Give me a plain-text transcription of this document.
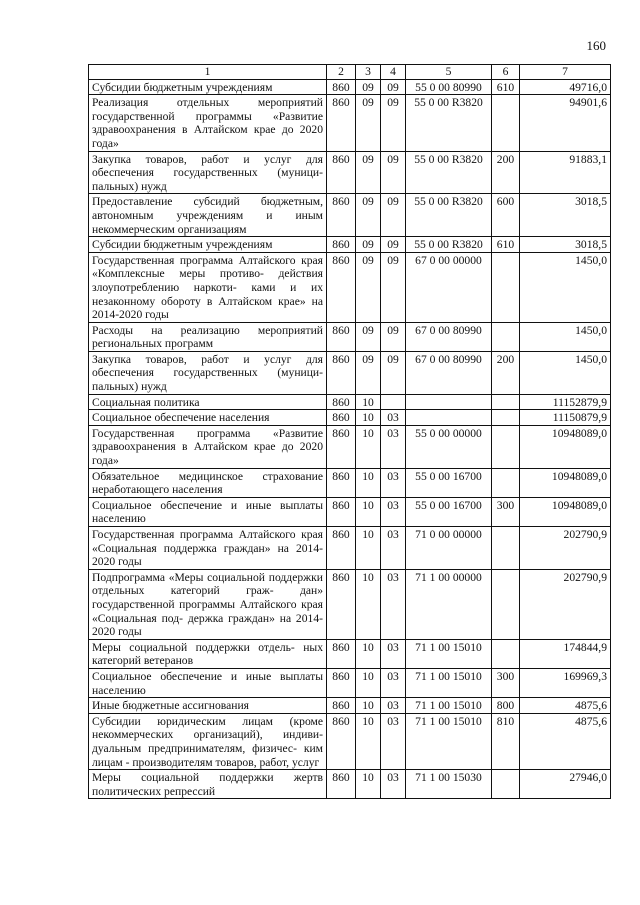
160
1	2	3	4	5	6	7
Субсидии бюджетным учреждениям	860	09	09	55 0 00 80990	610	49716,0
Реализация отдельных мероприятий государственной программы «Развитие здравоохранения в Алтайском крае до 2020 года»	860	09	09	55 0 00 R3820		94901,6
Закупка товаров, работ и услуг для обеспечения государственных (муници- пальных) нужд	860	09	09	55 0 00 R3820	200	91883,1
Предоставление субсидий бюджетным, автономным учреждениям и иным некоммерческим организациям	860	09	09	55 0 00 R3820	600	3018,5
Субсидии бюджетным учреждениям	860	09	09	55 0 00 R3820	610	3018,5
Государственная программа Алтайского края «Комплексные меры противо- действия злоупотреблению наркоти- ками и их незаконному обороту в Алтайском крае» на 2014-2020 годы	860	09	09	67 0 00 00000		1450,0
Расходы на реализацию мероприятий региональных программ	860	09	09	67 0 00 80990		1450,0
Закупка товаров, работ и услуг для обеспечения государственных (муници- пальных) нужд	860	09	09	67 0 00 80990	200	1450,0
Социальная политика	860	10				11152879,9
Социальное обеспечение населения	860	10	03			11150879,9
Государственная программа «Развитие здравоохранения в Алтайском крае до 2020 года»	860	10	03	55 0 00 00000		10948089,0
Обязательное медицинское страхование неработающего населения	860	10	03	55 0 00 16700		10948089,0
Социальное обеспечение и иные выплаты населению	860	10	03	55 0 00 16700	300	10948089,0
Государственная программа Алтайского края «Социальная поддержка граждан» на 2014-2020 годы	860	10	03	71 0 00 00000		202790,9
Подпрограмма «Меры социальной поддержки отдельных категорий граж- дан» государственной программы Алтайского края «Социальная под- держка граждан» на 2014-2020 годы	860	10	03	71 1 00 00000		202790,9
Меры социальной поддержки отдель- ных категорий ветеранов	860	10	03	71 1 00 15010		174844,9
Социальное обеспечение и иные выплаты населению	860	10	03	71 1 00 15010	300	169969,3
Иные бюджетные ассигнования	860	10	03	71 1 00 15010	800	4875,6
Субсидии юридическим лицам (кроме некоммерческих организаций), индиви- дуальным предпринимателям, физичес- ким лицам - производителям товаров, работ, услуг	860	10	03	71 1 00 15010	810	4875,6
Меры социальной поддержки жертв политических репрессий	860	10	03	71 1 00 15030		27946,0
